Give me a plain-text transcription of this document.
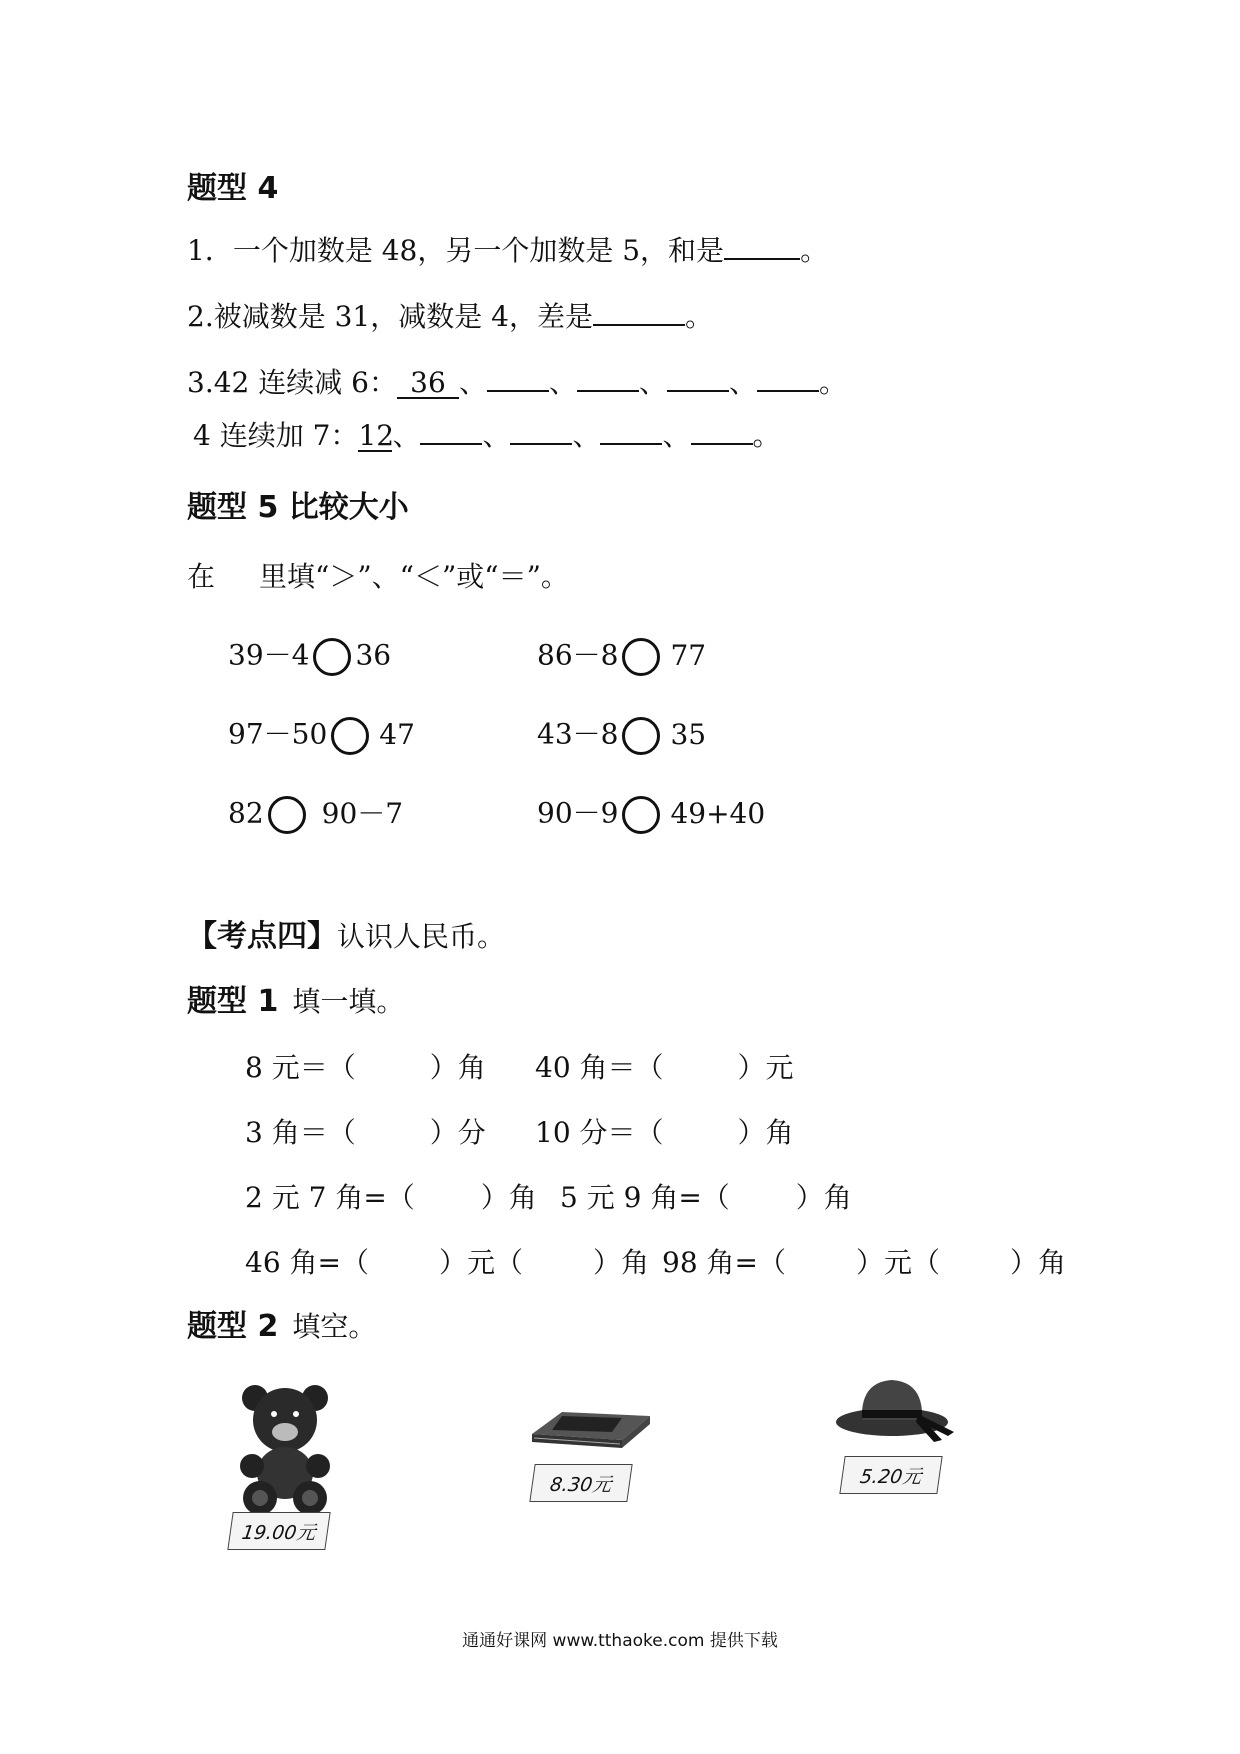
题型 4
1．一个加数是 48，另一个加数是 5，和是	。
2.被减数是 31，减数是 4，差是	。
3.42 连续减 6： 36 、 、 、 、 。
4 连续加 7：12、 、 、 、 。
题型 5 比较大小
在 里填“＞”、“＜”或“＝”。
39－4 36	86－8 77
97－50 47	43－8 35
82 90－7	90－9 49+40
【考点四】认识人民币。
题型 1 填一填。
8 元＝（	）角 40 角＝（	）元
3 角＝（	）分 10 分＝（	）角
2 元 7 角=（ ）角 5 元 9 角=（ ）角
46 角=（	）元（	）角 98 角=（	）元（	）角
题型 2 填空。
19.00元
8.30元	5.20元
通通好课网 www.tthaoke.com 提供下载
